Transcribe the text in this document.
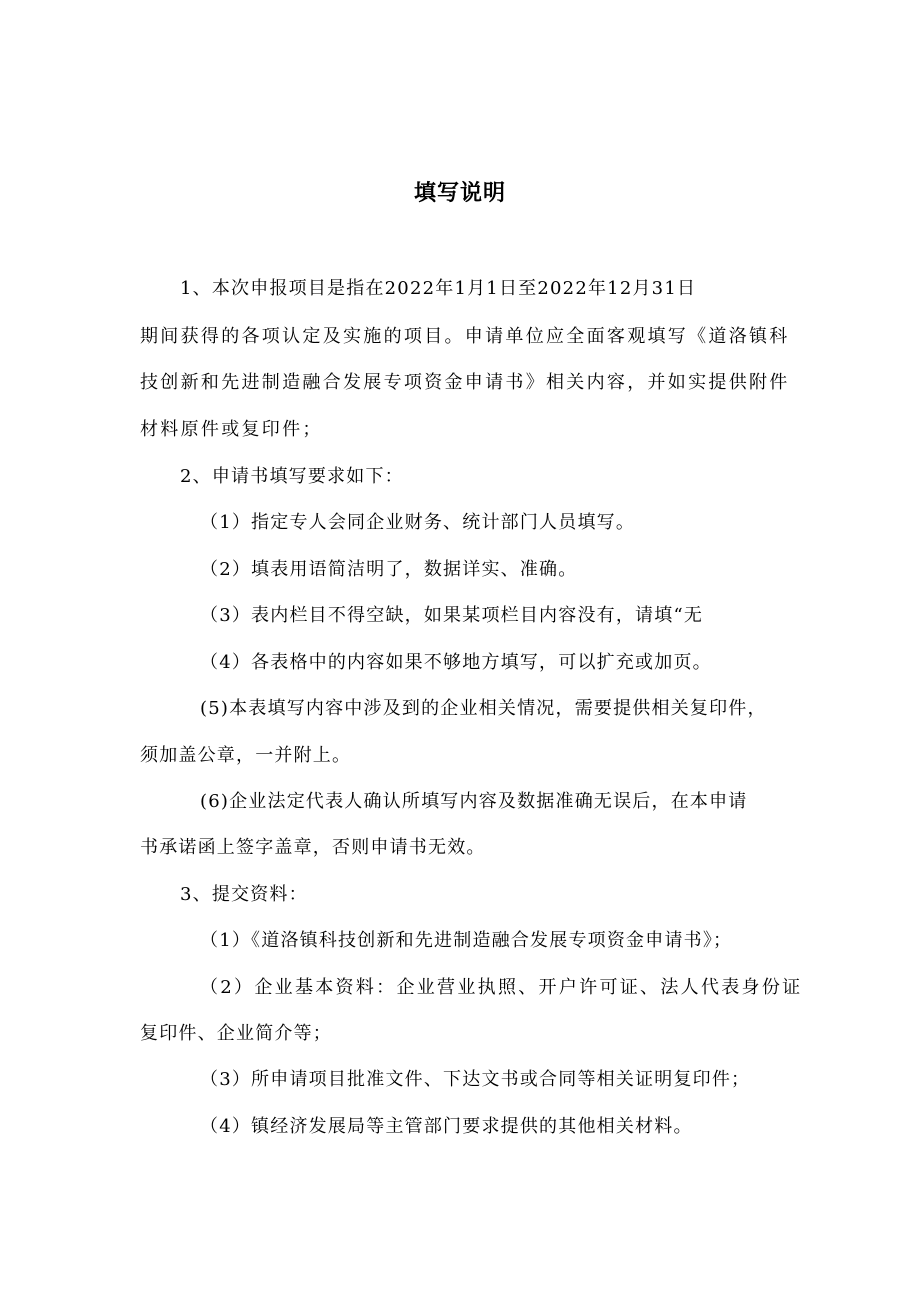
填写说明
1、本次申报项目是指在2022年1月1日至2022年12月31日
期间获得的各项认定及实施的项目。申请单位应全面客观填写《道洛镇科
技创新和先进制造融合发展专项资金申请书》相关内容，并如实提供附件
材料原件或复印件；
2、申请书填写要求如下：
（1）指定专人会同企业财务、统计部门人员填写。
（2）填表用语简洁明了，数据详实、准确。
（3）表内栏目不得空缺，如果某项栏目内容没有，请填“无
（4）各表格中的内容如果不够地方填写，可以扩充或加页。
(5)本表填写内容中涉及到的企业相关情况，需要提供相关复印件，
须加盖公章，一并附上。
(6)企业法定代表人确认所填写内容及数据准确无误后，在本申请
书承诺函上签字盖章，否则申请书无效。
3、提交资料：
（1）《道洛镇科技创新和先进制造融合发展专项资金申请书》；
（2）企业基本资料：企业营业执照、开户许可证、法人代表身份证
复印件、企业简介等；
（3）所申请项目批准文件、下达文书或合同等相关证明复印件；
（4）镇经济发展局等主管部门要求提供的其他相关材料。
